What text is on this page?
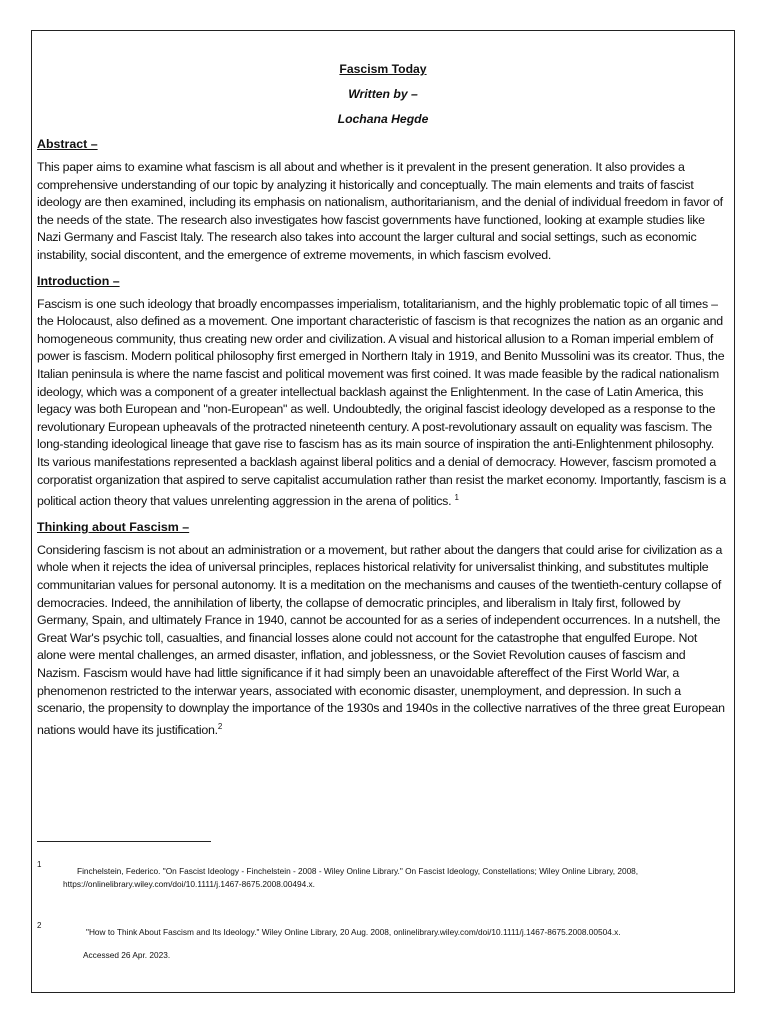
Fascism Today

Written by –

Lochana Hegde

Abstract –

This paper aims to examine what fascism is all about and whether is it prevalent in the present generation. It also provides a comprehensive understanding of our topic by analyzing it historically and conceptually. The main elements and traits of fascist ideology are then examined, including its emphasis on nationalism, authoritarianism, and the denial of individual freedom in favor of the needs of the state. The research also investigates how fascist governments have functioned, looking at example studies like Nazi Germany and Fascist Italy. The research also takes into account the larger cultural and social settings, such as economic instability, social discontent, and the emergence of extreme movements, in which fascism evolved.

Introduction –

Fascism is one such ideology that broadly encompasses imperialism, totalitarianism, and the highly problematic topic of all times – the Holocaust, also defined as a movement. One important characteristic of fascism is that recognizes the nation as an organic and homogeneous community, thus creating new order and civilization. A visual and historical allusion to a Roman imperial emblem of power is fascism. Modern political philosophy first emerged in Northern Italy in 1919, and Benito Mussolini was its creator. Thus, the Italian peninsula is where the name fascist and political movement was first coined. It was made feasible by the radical nationalism ideology, which was a component of a greater intellectual backlash against the Enlightenment. In the case of Latin America, this legacy was both European and "non-European" as well. Undoubtedly, the original fascist ideology developed as a response to the revolutionary European upheavals of the protracted nineteenth century. A post-revolutionary assault on equality was fascism. The long-standing ideological lineage that gave rise to fascism has as its main source of inspiration the anti-Enlightenment philosophy. Its various manifestations represented a backlash against liberal politics and a denial of democracy. However, fascism promoted a corporatist organization that aspired to serve capitalist accumulation rather than resist the market economy. Importantly, fascism is a political action theory that values unrelenting aggression in the arena of politics. $^1$

Thinking about Fascism –

Considering fascism is not about an administration or a movement, but rather about the dangers that could arise for civilization as a whole when it rejects the idea of universal principles, replaces historical relativity for universalist thinking, and substitutes multiple communitarian values for personal autonomy. It is a meditation on the mechanisms and causes of the twentieth-century collapse of democracies. Indeed, the annihilation of liberty, the collapse of democratic principles, and liberalism in Italy first, followed by Germany, Spain, and ultimately France in 1940, cannot be accounted for as a series of independent occurrences. In a nutshell, the Great War's psychic toll, casualties, and financial losses alone could not account for the catastrophe that engulfed Europe. Not alone were mental challenges, an armed disaster, inflation, and joblessness, or the Soviet Revolution causes of fascism and Nazism. Fascism would have had little significance if it had simply been an unavoidable aftereffect of the First World War, a phenomenon restricted to the interwar years, associated with economic disaster, unemployment, and depression. In such a scenario, the propensity to downplay the importance of the 1930s and 1940s in the collective narratives of the three great European nations would have its justification.$^2$

1
Finchelstein, Federico. "On Fascist Ideology - Finchelstein - 2008 - Wiley Online Library." On Fascist Ideology, Constellations; Wiley Online Library, 2008,
https://onlinelibrary.wiley.com/doi/10.1111/j.1467-8675.2008.00494.x.
2
"How to Think About Fascism and Its Ideology." Wiley Online Library, 20 Aug. 2008, onlinelibrary.wiley.com/doi/10.1111/j.1467-8675.2008.00504.x.
Accessed 26 Apr. 2023.
